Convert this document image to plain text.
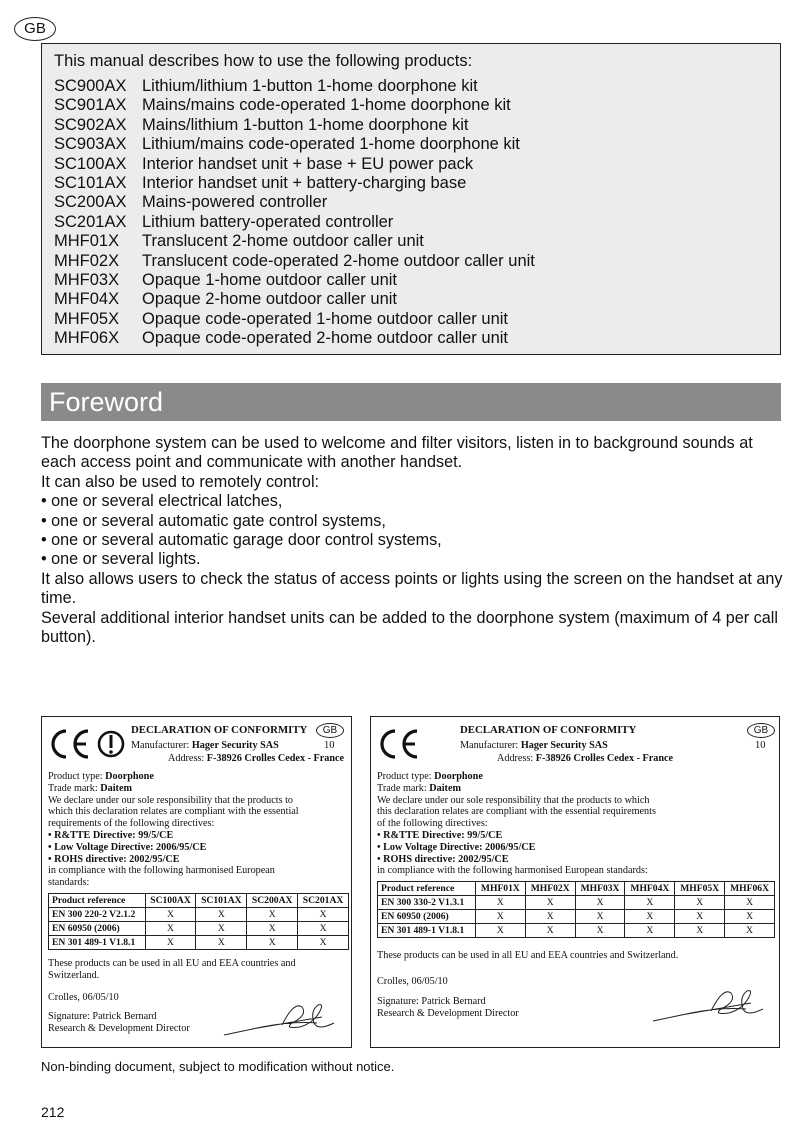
GB
This manual describes how to use the following products:
SC900AX Lithium/lithium 1-button 1-home doorphone kit
SC901AX Mains/mains code-operated 1-home doorphone kit
SC902AX Mains/lithium 1-button 1-home doorphone kit
SC903AX Lithium/mains code-operated 1-home doorphone kit
SC100AX Interior handset unit + base + EU power pack
SC101AX Interior handset unit + battery-charging base
SC200AX Mains-powered controller
SC201AX Lithium battery-operated controller
MHF01X	Translucent 2-home outdoor caller unit
MHF02X	Translucent code-operated 2-home outdoor caller unit
MHF03X	Opaque 1-home outdoor caller unit
MHF04X	Opaque 2-home outdoor caller unit
MHF05X	Opaque code-operated 1-home outdoor caller unit
MHF06X	Opaque code-operated 2-home outdoor caller unit
Foreword
The doorphone system can be used to welcome and filter visitors, listen in to background sounds at each access point and communicate with another handset.
It can also be used to remotely control:
• one or several electrical latches,
• one or several automatic gate control systems,
• one or several automatic garage door control systems,
• one or several lights.
It also allows users to check the status of access points or lights using the screen on the handset at any time.
Several additional interior handset units can be added to the doorphone system (maximum of 4 per call button).
DECLARATION OF CONFORMITY	GB
10
Manufacturer: Hager Security SAS
Address: F-38926 Crolles Cedex - France
Product type: Doorphone
Trade mark: Daitem
We declare under our sole responsibility that the products to
which this declaration relates are compliant with the essential
requirements of the following directives:
• R&TTE Directive: 99/5/CE
• Low Voltage Directive: 2006/95/CE
• ROHS directive: 2002/95/CE
in compliance with the following harmonised European
standards:
Product reference	SC100AX	SC101AX	SC200AX	SC201AX
EN 300 220-2 V2.1.2	X	X	X	X
EN 60950 (2006)	X	X	X	X
EN 301 489-1 V1.8.1	X	X	X	X
These products can be used in all EU and EEA countries and
Switzerland.
Crolles, 06/05/10
Signature: Patrick Bernard
Research & Development Director
DECLARATION OF CONFORMITY	GB
10
Manufacturer: Hager Security SAS
Address: F-38926 Crolles Cedex - France
Product type: Doorphone
Trade mark: Daitem
We declare under our sole responsibility that the products to which
this declaration relates are compliant with the essential requirements
of the following directives:
• R&TTE Directive: 99/5/CE
• Low Voltage Directive: 2006/95/CE
• ROHS directive: 2002/95/CE
in compliance with the following harmonised European standards:
Product reference	MHF01X	MHF02X	MHF03X	MHF04X	MHF05X	MHF06X
EN 300 330-2 V1.3.1	X	X	X	X	X	X
EN 60950 (2006)	X	X	X	X	X	X
EN 301 489-1 V1.8.1	X	X	X	X	X	X
These products can be used in all EU and EEA countries and Switzerland.
Crolles, 06/05/10
Signature: Patrick Bernard
Research & Development Director
Non-binding document, subject to modification without notice.
212
